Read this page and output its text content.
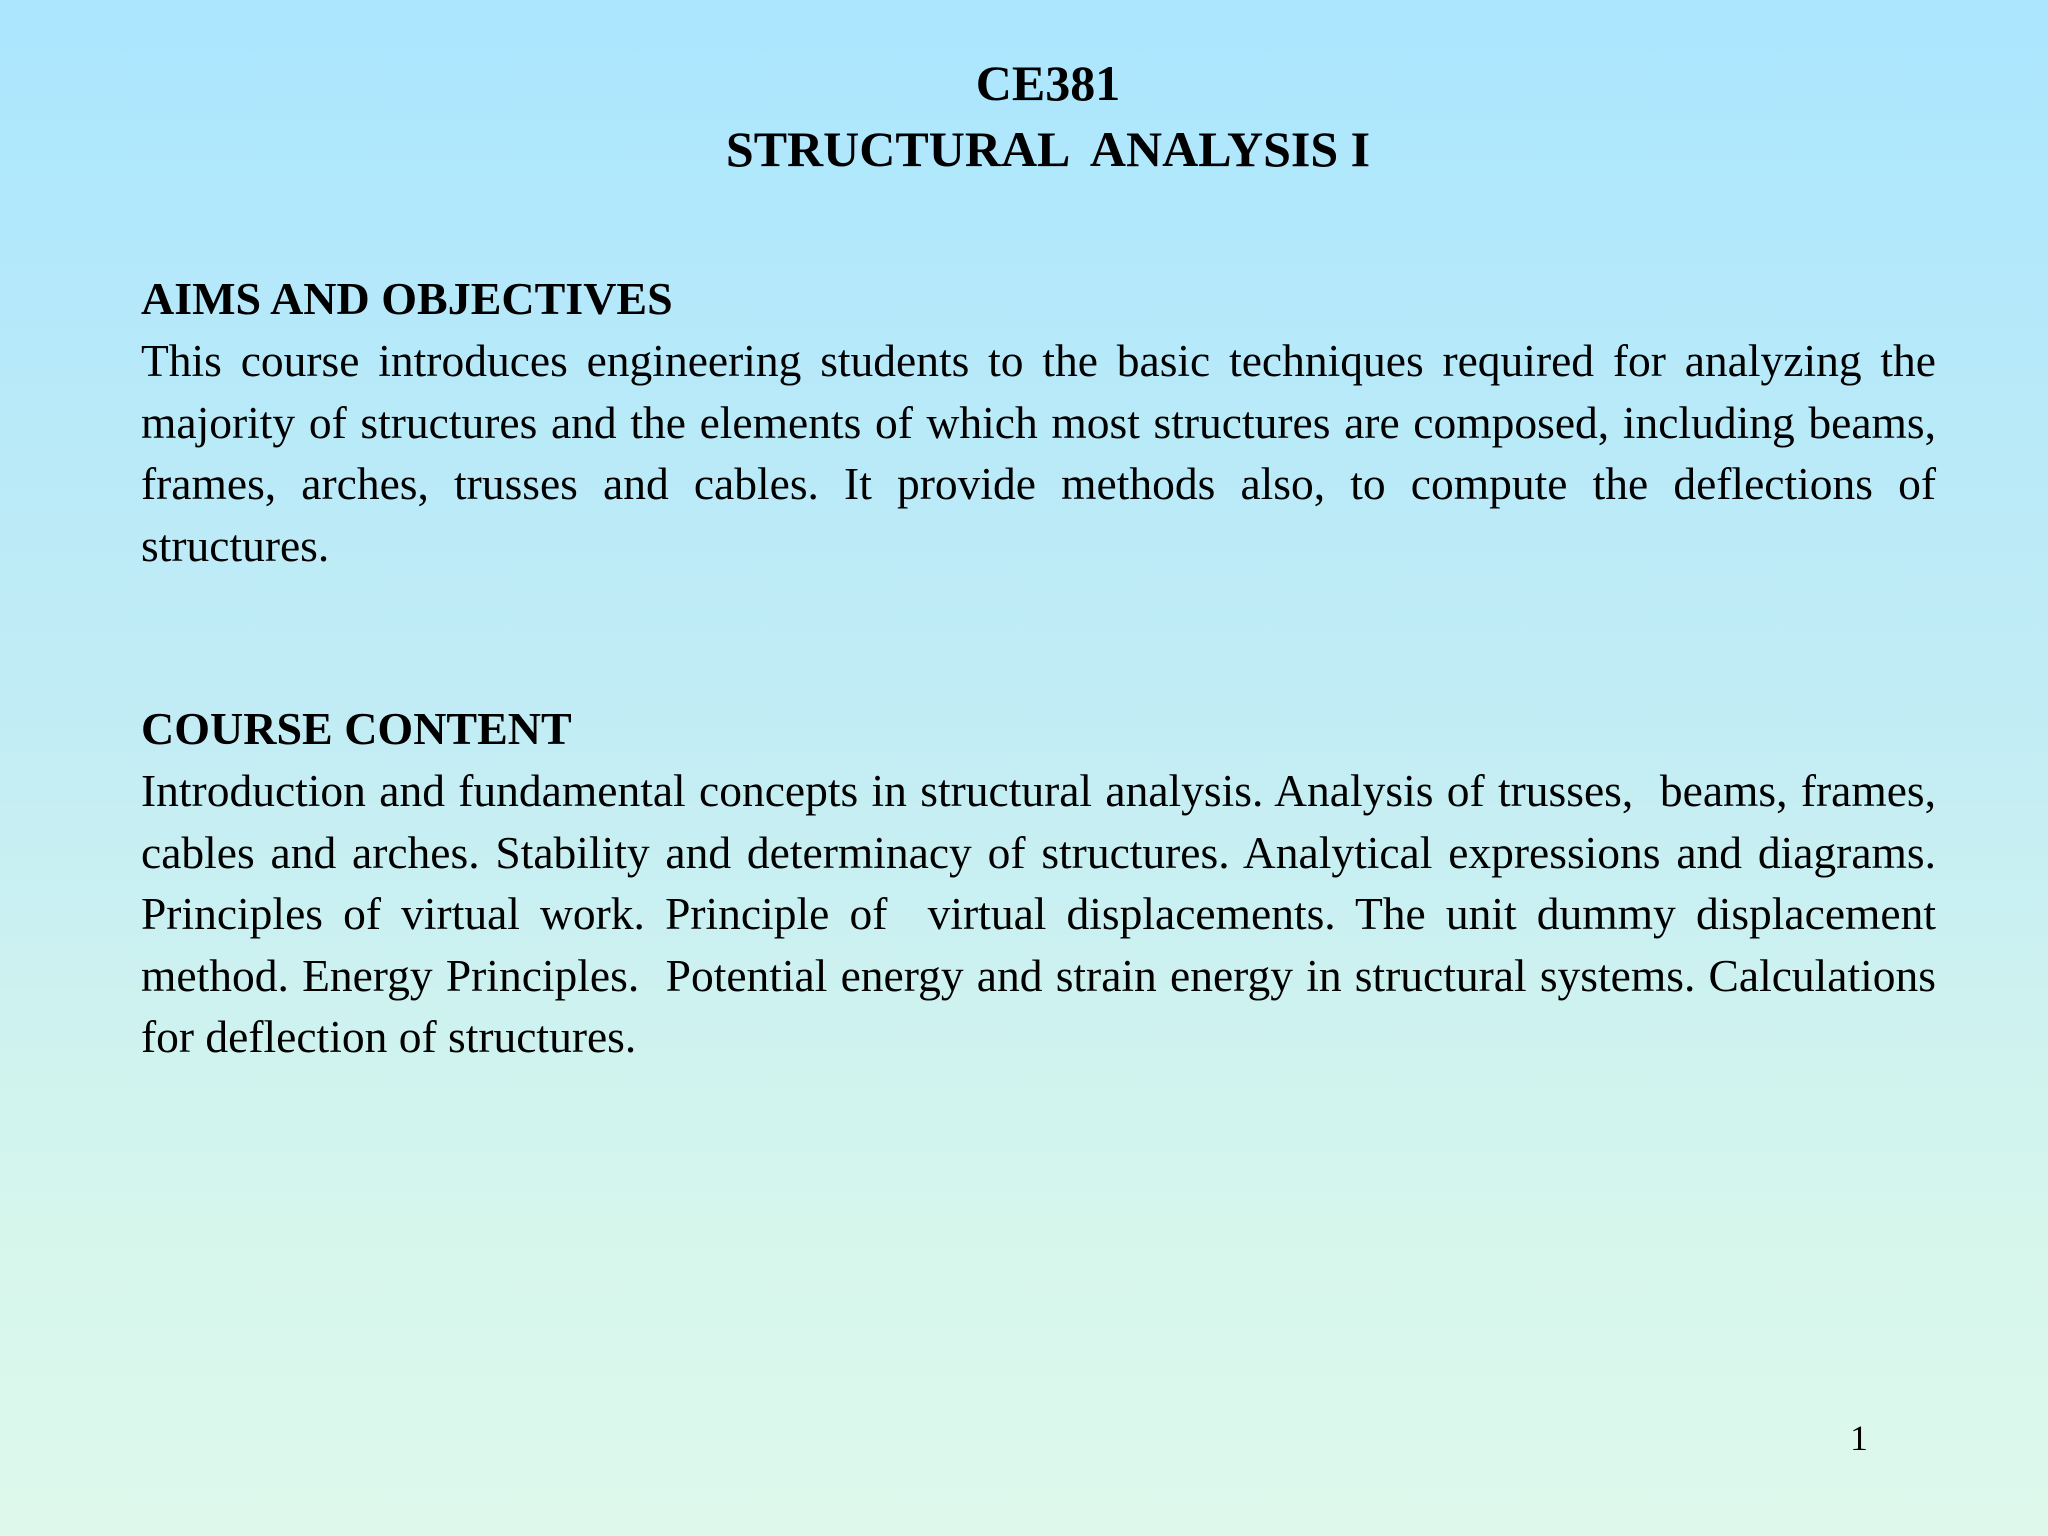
CE381
STRUCTURAL  ANALYSIS I
AIMS AND OBJECTIVES
This course introduces engineering students to the basic techniques required for analyzing the majority of structures and the elements of which most structures are composed, including beams, frames, arches, trusses and cables. It provide methods also, to compute the deflections of structures.
COURSE CONTENT
Introduction and fundamental concepts in structural analysis. Analysis of trusses,  beams, frames, cables and arches. Stability and determinacy of structures. Analytical expressions and diagrams. Principles of virtual work. Principle of  virtual displacements. The unit dummy displacement method. Energy Principles.  Potential energy and strain energy in structural systems. Calculations for deflection of structures.
1
